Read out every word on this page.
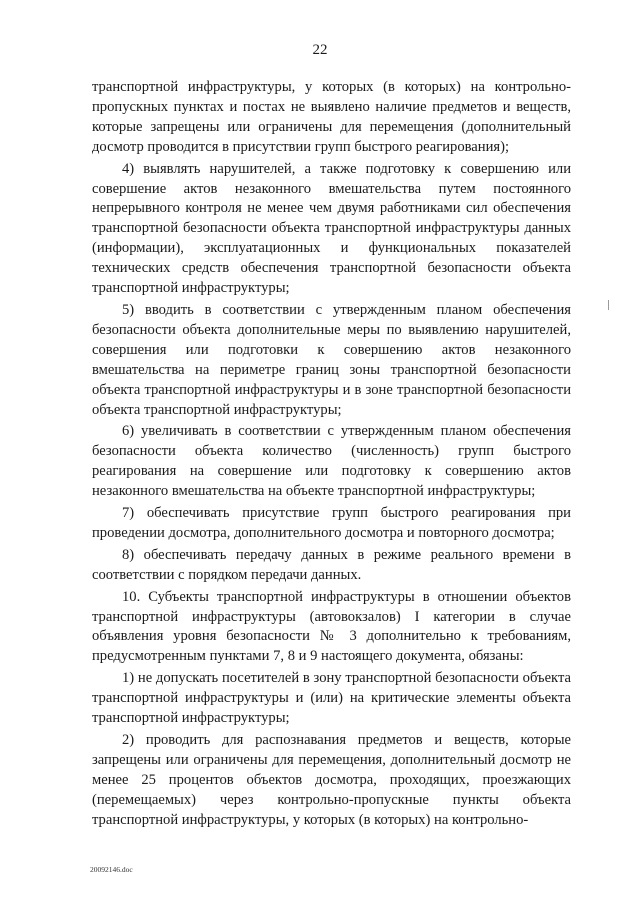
22

транспортной инфраструктуры, у которых (в которых) на контрольно-пропускных пунктах и постах не выявлено наличие предметов и веществ, которые запрещены или ограничены для перемещения (дополнительный досмотр проводится в присутствии групп быстрого реагирования);

4) выявлять нарушителей, а также подготовку к совершению или совершение актов незаконного вмешательства путем постоянного непрерывного контроля не менее чем двумя работниками сил обеспечения транспортной безопасности объекта транспортной инфраструктуры данных (информации), эксплуатационных и функциональных показателей технических средств обеспечения транспортной безопасности объекта транспортной инфраструктуры;

5) вводить в соответствии с утвержденным планом обеспечения безопасности объекта дополнительные меры по выявлению нарушителей, совершения или подготовки к совершению актов незаконного вмешательства на периметре границ зоны транспортной безопасности объекта транспортной инфраструктуры и в зоне транспортной безопасности объекта транспортной инфраструктуры;

6) увеличивать в соответствии с утвержденным планом обеспечения безопасности объекта количество (численность) групп быстрого реагирования на совершение или подготовку к совершению актов незаконного вмешательства на объекте транспортной инфраструктуры;

7) обеспечивать присутствие групп быстрого реагирования при проведении досмотра, дополнительного досмотра и повторного досмотра;

8) обеспечивать передачу данных в режиме реального времени в соответствии с порядком передачи данных.

10. Субъекты транспортной инфраструктуры в отношении объектов транспортной инфраструктуры (автовокзалов) I категории в случае объявления уровня безопасности № 3 дополнительно к требованиям, предусмотренным пунктами 7, 8 и 9 настоящего документа, обязаны:

1) не допускать посетителей в зону транспортной безопасности объекта транспортной инфраструктуры и (или) на критические элементы объекта транспортной инфраструктуры;

2) проводить для распознавания предметов и веществ, которые запрещены или ограничены для перемещения, дополнительный досмотр не менее 25 процентов объектов досмотра, проходящих, проезжающих (перемещаемых) через контрольно-пропускные пункты объекта транспортной инфраструктуры, у которых (в которых) на контрольно-

20092146.doc
